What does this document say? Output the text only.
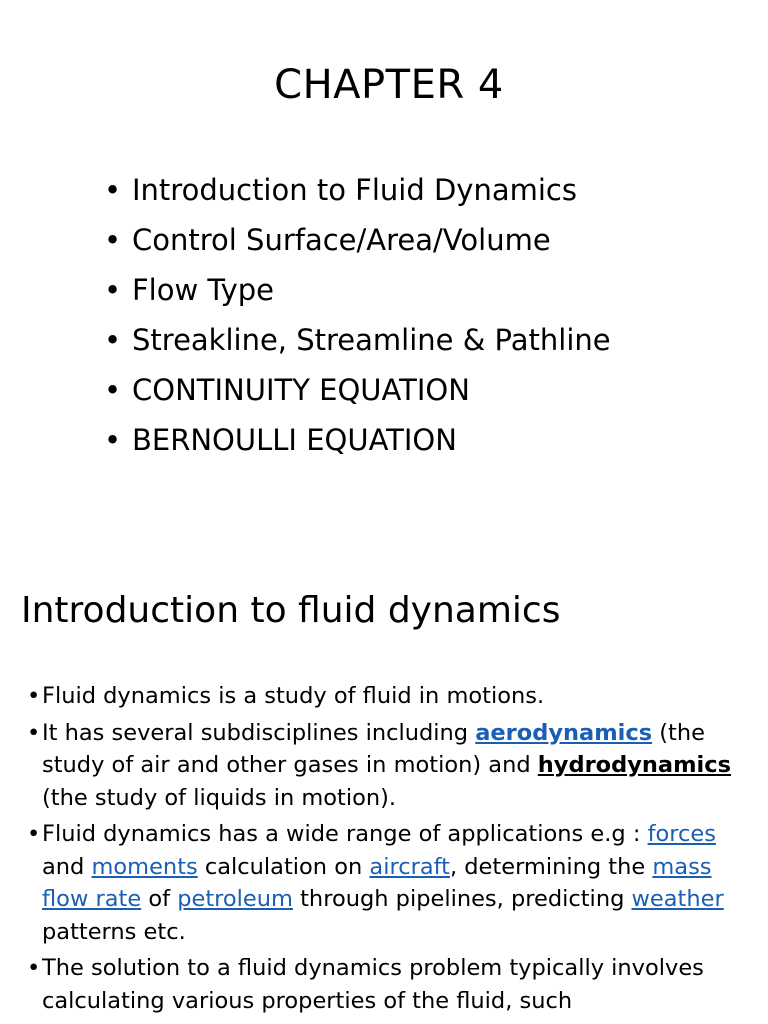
CHAPTER 4
• Introduction to Fluid Dynamics
• Control Surface/Area/Volume
• Flow Type
• Streakline, Streamline & Pathline
• CONTINUITY EQUATION
• BERNOULLI EQUATION
Introduction to fluid dynamics
• Fluid dynamics is a study of fluid in motions.
• It has several subdisciplines including aerodynamics (the study of air and other gases in motion) and hydrodynamics (the study of liquids in motion).
• Fluid dynamics has a wide range of applications e.g : forces and moments calculation on aircraft, determining the mass flow rate of petroleum through pipelines, predicting weather patterns etc.
• The solution to a fluid dynamics problem typically involves calculating various properties of the fluid, such
